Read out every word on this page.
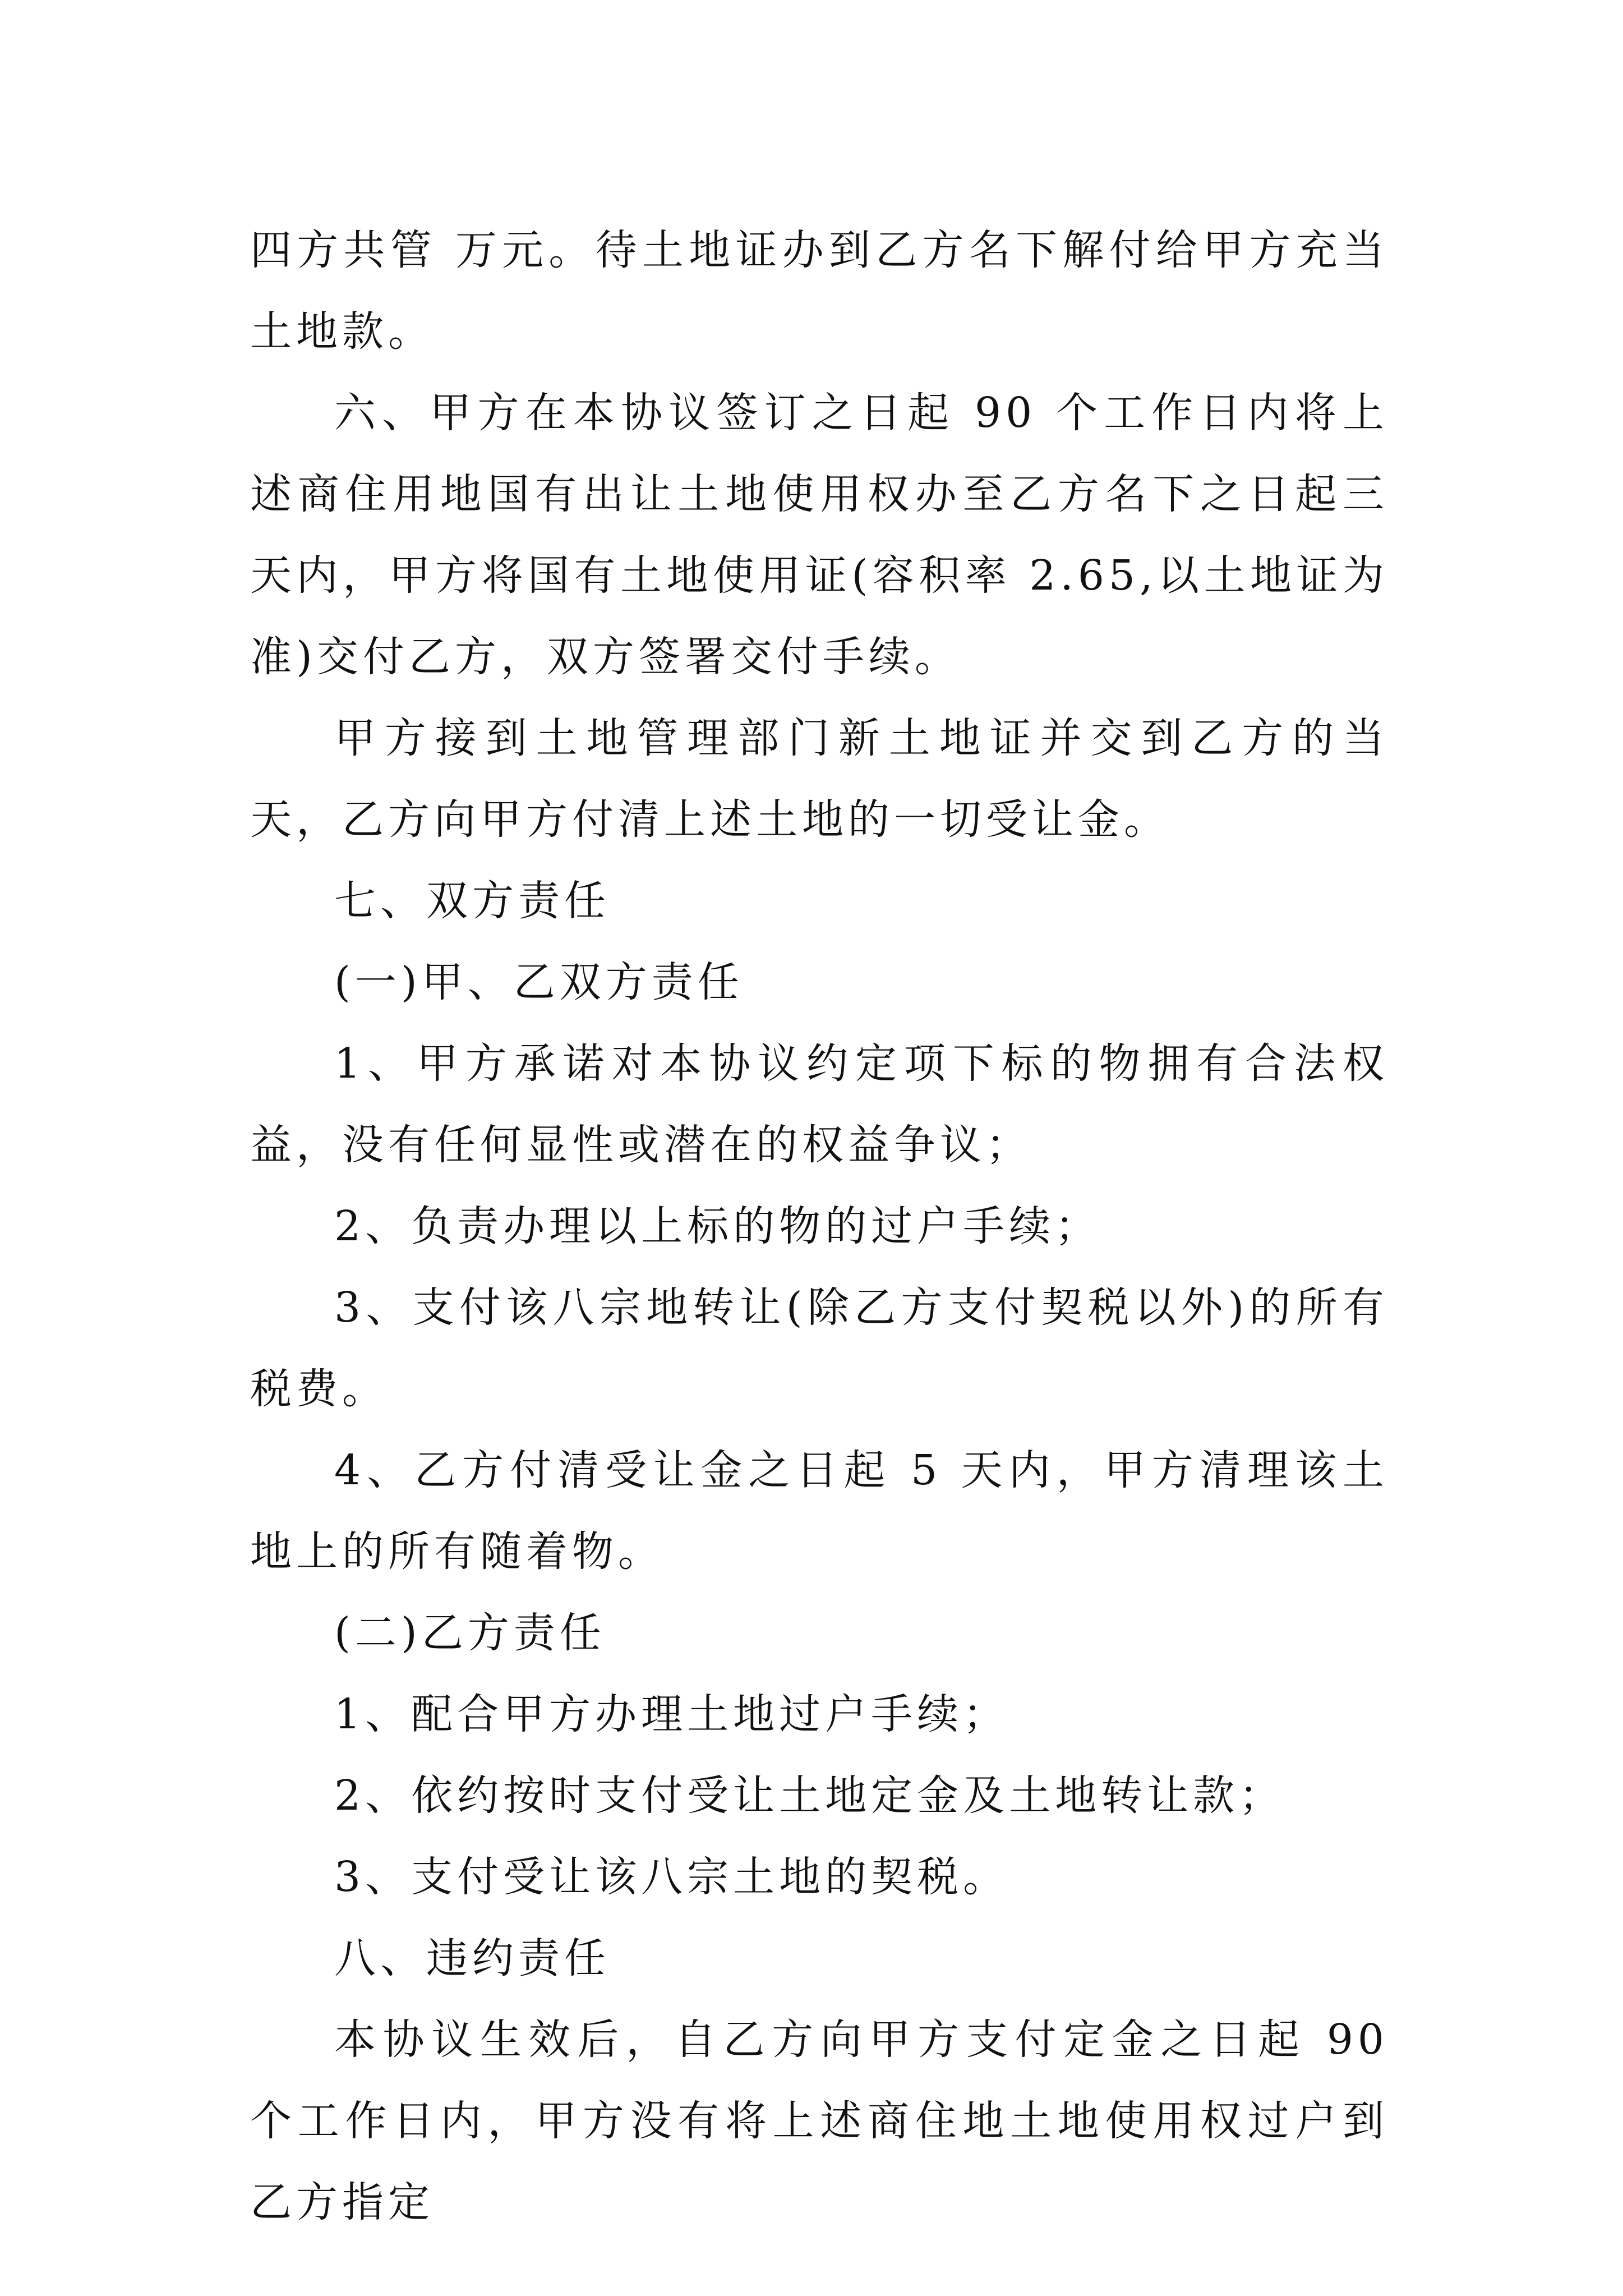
四方共管 万元。待土地证办到乙方名下解付给甲方充当土地款。

六、甲方在本协议签订之日起 90 个工作日内将上述商住用地国有出让土地使用权办至乙方名下之日起三天内，甲方将国有土地使用证(容积率 2.65,以土地证为准)交付乙方，双方签署交付手续。

甲方接到土地管理部门新土地证并交到乙方的当天，乙方向甲方付清上述土地的一切受让金。

七、双方责任

(一)甲、乙双方责任

1、甲方承诺对本协议约定项下标的物拥有合法权益，没有任何显性或潜在的权益争议；

2、负责办理以上标的物的过户手续；

3、支付该八宗地转让(除乙方支付契税以外)的所有税费。

4、乙方付清受让金之日起 5 天内，甲方清理该土地上的所有随着物。

(二)乙方责任

1、配合甲方办理土地过户手续；

2、依约按时支付受让土地定金及土地转让款；

3、支付受让该八宗土地的契税。

八、违约责任

本协议生效后，自乙方向甲方支付定金之日起 90 个工作日内，甲方没有将上述商住地土地使用权过户到乙方指定
